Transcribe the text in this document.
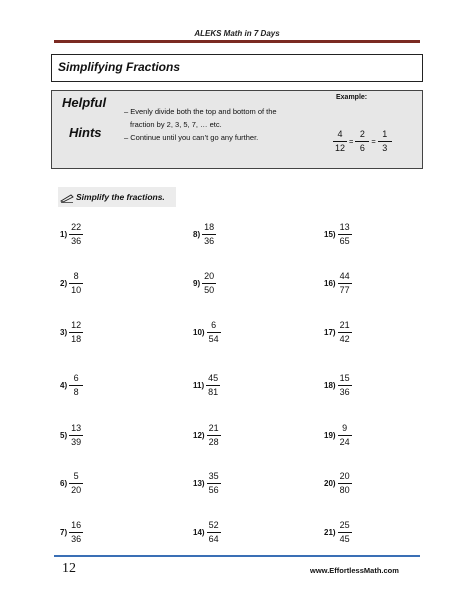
ALEKS Math in 7 Days
Simplifying Fractions
Helpful
Hints
– Evenly divide both the top and bottom of the
fraction by 2, 3, 5, 7, … etc.
– Continue until you can’t go any further.
Example:
$\frac{4}{12} = \frac{2}{6} = \frac{1}{3}$
Simplify the fractions.
$1) \frac{22}{36}$
$2) \frac{8}{10}$
$3) \frac{12}{18}$
$4) \frac{6}{8}$
$5) \frac{13}{39}$
$6) \frac{5}{20}$
$7) \frac{16}{36}$
$8) \frac{18}{36}$
$9) \frac{20}{50}$
$10) \frac{6}{54}$
$11) \frac{45}{81}$
$12) \frac{21}{28}$
$13) \frac{35}{56}$
$14) \frac{52}{64}$
$15) \frac{13}{65}$
$16) \frac{44}{77}$
$17) \frac{21}{42}$
$18) \frac{15}{36}$
$19) \frac{9}{24}$
$20) \frac{20}{80}$
$21) \frac{25}{45}$
12	www.EffortlessMath.com
